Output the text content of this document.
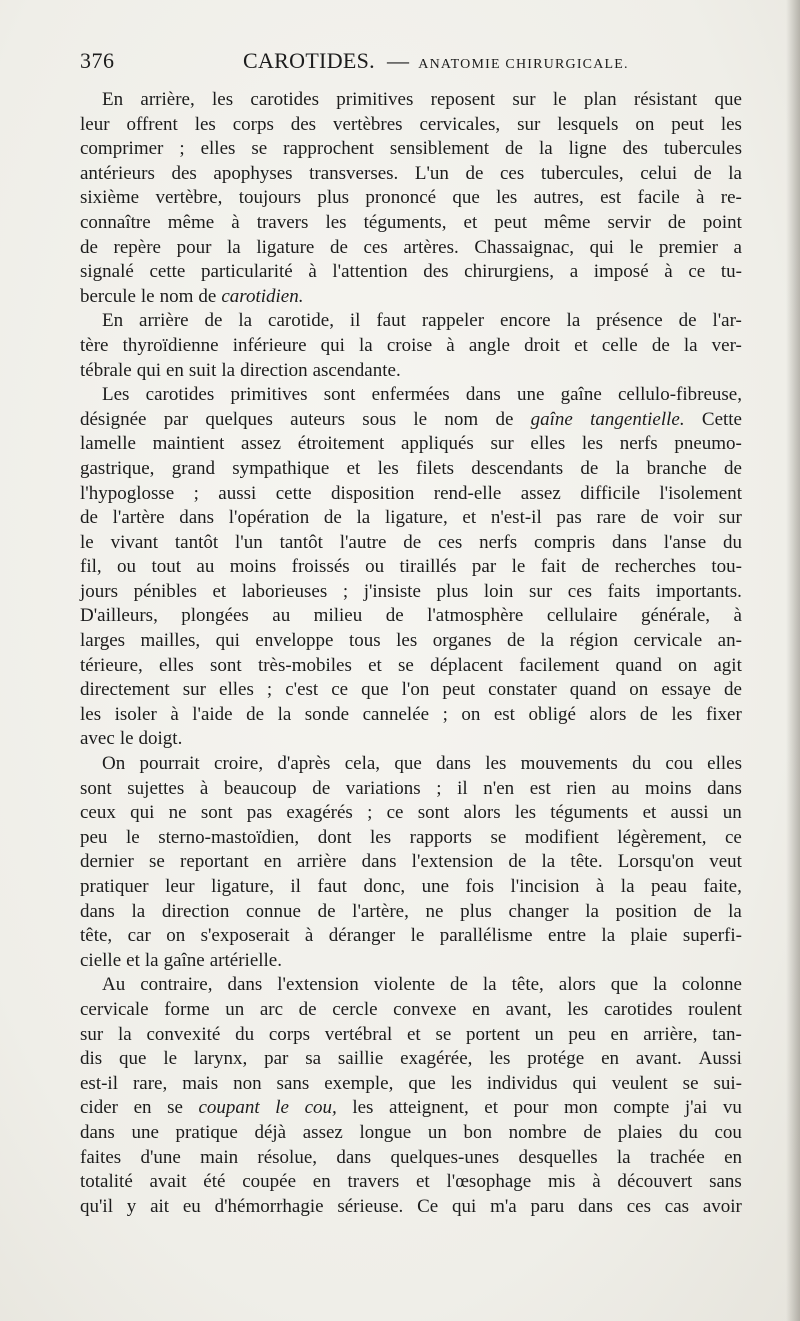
376	CAROTIDES. — ANATOMIE CHIRURGICALE.
En arrière, les carotides primitives reposent sur le plan résistant que
leur offrent les corps des vertèbres cervicales, sur lesquels on peut les
comprimer ; elles se rapprochent sensiblement de la ligne des tubercules
antérieurs des apophyses transverses. L'un de ces tubercules, celui de la
sixième vertèbre, toujours plus prononcé que les autres, est facile à re-
connaître même à travers les téguments, et peut même servir de point
de repère pour la ligature de ces artères. Chassaignac, qui le premier a
signalé cette particularité à l'attention des chirurgiens, a imposé à ce tu-
bercule le nom de carotidien.
En arrière de la carotide, il faut rappeler encore la présence de l'ar-
tère thyroïdienne inférieure qui la croise à angle droit et celle de la ver-
tébrale qui en suit la direction ascendante.
Les carotides primitives sont enfermées dans une gaîne cellulo-fibreuse,
désignée par quelques auteurs sous le nom de gaîne tangentielle. Cette
lamelle maintient assez étroitement appliqués sur elles les nerfs pneumo-
gastrique, grand sympathique et les filets descendants de la branche de
l'hypoglosse ; aussi cette disposition rend-elle assez difficile l'isolement
de l'artère dans l'opération de la ligature, et n'est-il pas rare de voir sur
le vivant tantôt l'un tantôt l'autre de ces nerfs compris dans l'anse du
fil, ou tout au moins froissés ou tiraillés par le fait de recherches tou-
jours pénibles et laborieuses ; j'insiste plus loin sur ces faits importants.
D'ailleurs, plongées au milieu de l'atmosphère cellulaire générale, à
larges mailles, qui enveloppe tous les organes de la région cervicale an-
térieure, elles sont très-mobiles et se déplacent facilement quand on agit
directement sur elles ; c'est ce que l'on peut constater quand on essaye de
les isoler à l'aide de la sonde cannelée ; on est obligé alors de les fixer
avec le doigt.
On pourrait croire, d'après cela, que dans les mouvements du cou elles
sont sujettes à beaucoup de variations ; il n'en est rien au moins dans
ceux qui ne sont pas exagérés ; ce sont alors les téguments et aussi un
peu le sterno-mastoïdien, dont les rapports se modifient légèrement, ce
dernier se reportant en arrière dans l'extension de la tête. Lorsqu'on veut
pratiquer leur ligature, il faut donc, une fois l'incision à la peau faite,
dans la direction connue de l'artère, ne plus changer la position de la
tête, car on s'exposerait à déranger le parallélisme entre la plaie superfi-
cielle et la gaîne artérielle.
Au contraire, dans l'extension violente de la tête, alors que la colonne
cervicale forme un arc de cercle convexe en avant, les carotides roulent
sur la convexité du corps vertébral et se portent un peu en arrière, tan-
dis que le larynx, par sa saillie exagérée, les protége en avant. Aussi
est-il rare, mais non sans exemple, que les individus qui veulent se sui-
cider en se coupant le cou, les atteignent, et pour mon compte j'ai vu
dans une pratique déjà assez longue un bon nombre de plaies du cou
faites d'une main résolue, dans quelques-unes desquelles la trachée en
totalité avait été coupée en travers et l'œsophage mis à découvert sans
qu'il y ait eu d'hémorrhagie sérieuse. Ce qui m'a paru dans ces cas avoir
